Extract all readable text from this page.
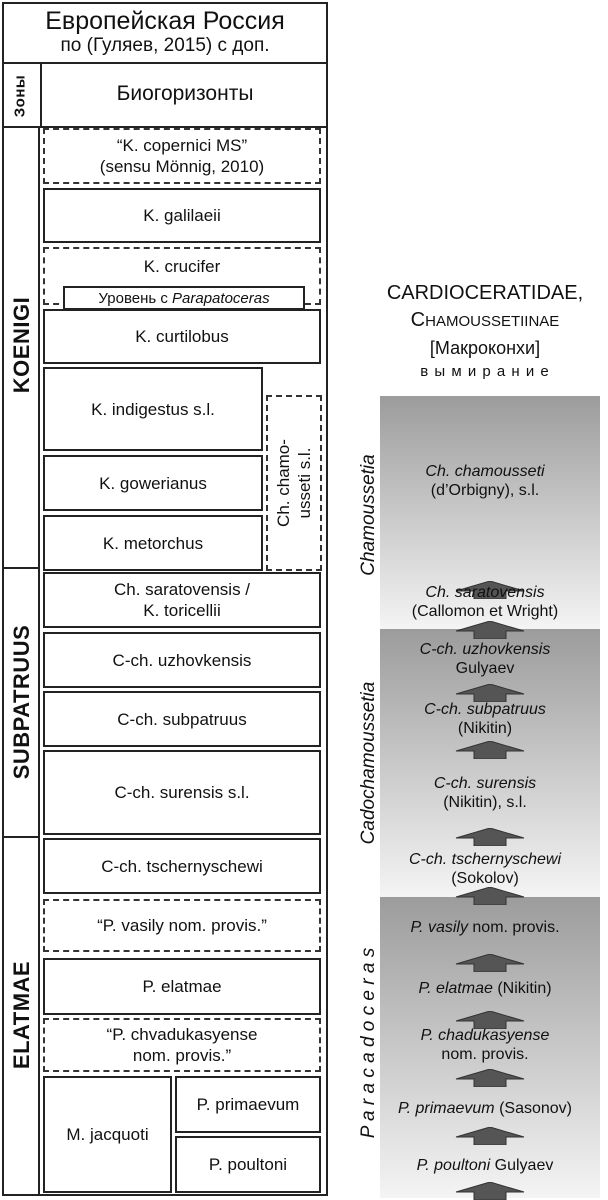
Европейская Россия
по (Гуляев, 2015) с доп.
Зоны	Биогоризонты
KOENIGI
SUBPATRUUS
ELATMAE
“K. copernici MS”
(sensu Mönnig, 2010)
K. galilaeii
K. crucifer
Уровень с Parapatoceras
K. curtilobus
K. indigestus s.l.
K. gowerianus
K. metorchus
Ch. chamo- usseti s.l.
Ch. saratovensis /
K. toricellii
C-ch. uzhovkensis
C-ch. subpatruus
C-ch. surensis s.l.
C-ch. tschernyschewi
“P. vasily nom. provis.”
P. elatmae
“P. chvadukasyense
nom. provis.”
M. jacquoti
P. primaevum
P. poultoni
CARDIOCERATIDAE,
CHAMOUSSETIINAE
[Макроконхи]
в ы м и р а н и е
Chamoussetia
Cadochamoussetia
P a r a c a d o c e r a s
Ch. chamousseti
(d’Orbigny), s.l.
Ch. saratovensis
(Callomon et Wright)
C-ch. uzhovkensis
Gulyaev
C-ch. subpatruus
(Nikitin)
C-ch. surensis
(Nikitin), s.l.
C-ch. tschernyschewi
(Sokolov)
P. vasily nom. provis.
P. elatmae (Nikitin)
P. chadukasyense
nom. provis.
P. primaevum (Sasonov)
P. poultoni Gulyaev
